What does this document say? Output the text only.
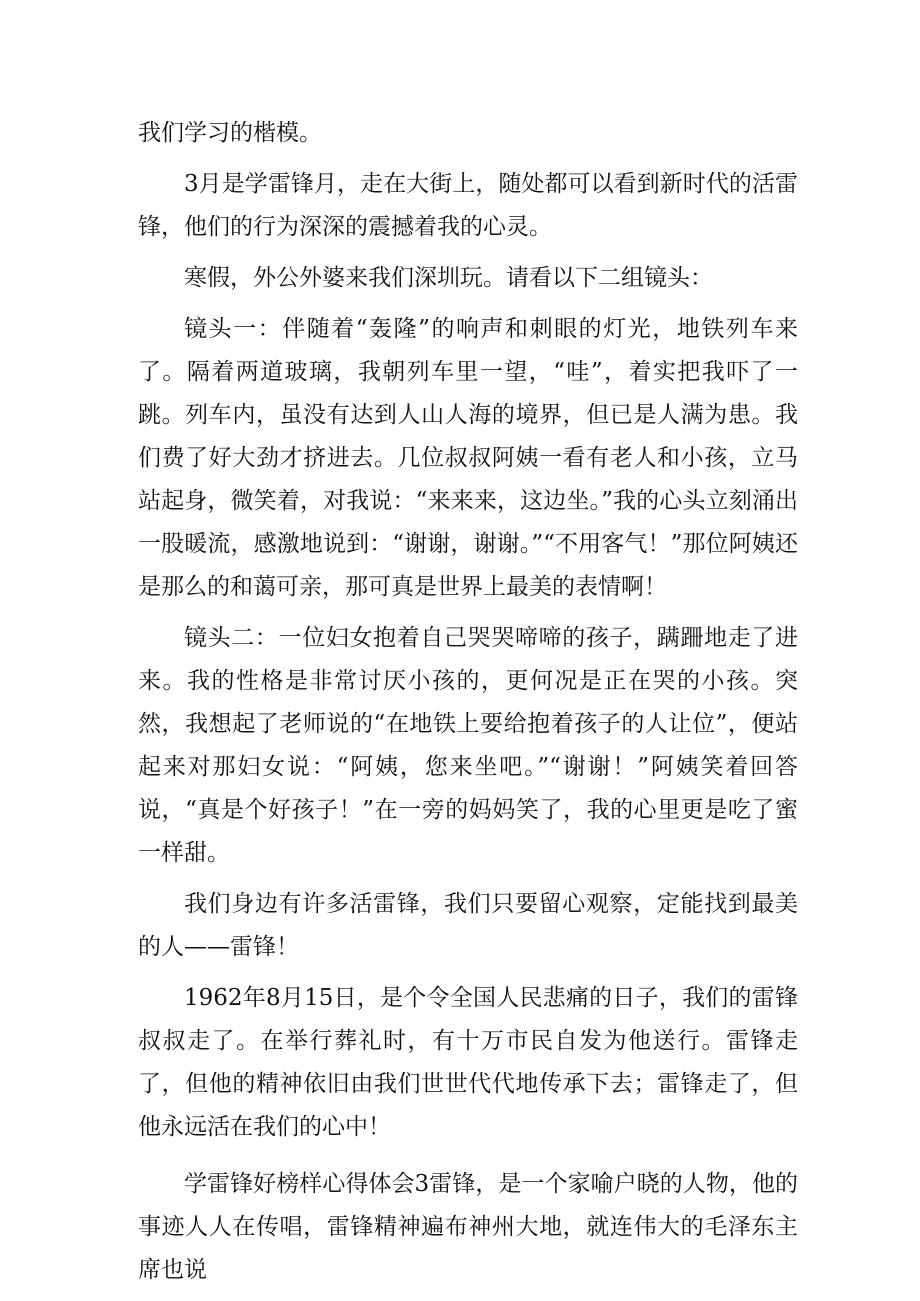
我们学习的楷模。

3月是学雷锋月，走在大街上，随处都可以看到新时代的活雷锋，他们的行为深深的震撼着我的心灵。

寒假，外公外婆来我们深圳玩。请看以下二组镜头：

镜头一：伴随着“轰隆”的响声和刺眼的灯光，地铁列车来了。隔着两道玻璃，我朝列车里一望，“哇”，着实把我吓了一跳。列车内，虽没有达到人山人海的境界，但已是人满为患。我们费了好大劲才挤进去。几位叔叔阿姨一看有老人和小孩，立马站起身，微笑着，对我说：“来来来，这边坐。”我的心头立刻涌出一股暖流，感激地说到：“谢谢，谢谢。”“不用客气！”那位阿姨还是那么的和蔼可亲，那可真是世界上最美的表情啊！

镜头二：一位妇女抱着自己哭哭啼啼的孩子，蹒跚地走了进来。我的性格是非常讨厌小孩的，更何况是正在哭的小孩。突然，我想起了老师说的“在地铁上要给抱着孩子的人让位”，便站起来对那妇女说：“阿姨，您来坐吧。”“谢谢！”阿姨笑着回答说，“真是个好孩子！”在一旁的妈妈笑了，我的心里更是吃了蜜一样甜。

我们身边有许多活雷锋，我们只要留心观察，定能找到最美的人——雷锋！

1962年8月15日，是个令全国人民悲痛的日子，我们的雷锋叔叔走了。在举行葬礼时，有十万市民自发为他送行。雷锋走了，但他的精神依旧由我们世世代代地传承下去；雷锋走了，但他永远活在我们的心中！

学雷锋好榜样心得体会3雷锋，是一个家喻户晓的人物，他的事迹人人在传唱，雷锋精神遍布神州大地，就连伟大的毛泽东主席也说
